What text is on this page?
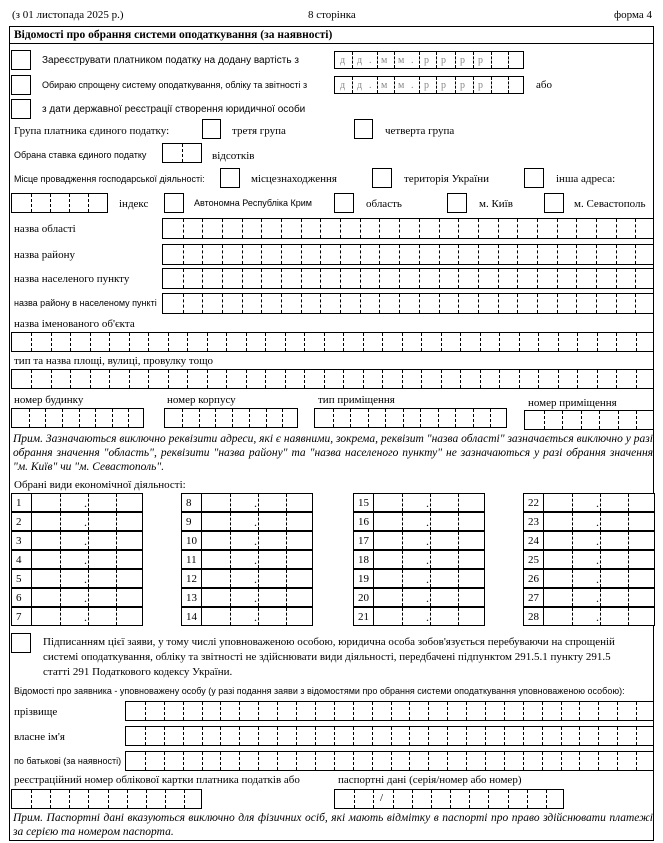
(з 01 листопада 2025 р.)	8 сторінка	форма 4
Відомості про обрання системи оподаткування (за наявності)
Зареєструвати платником податку на додану вартість з	д д . м м . р р р р
Обираю спрощену систему оподаткування, обліку та звітності з	д д . м м . р р р р	або
з дати державної реєстрації створення юридичної особи
Група платника єдиного податку:	третя група	четверта група
Обрана ставка єдиного податку	відсотків
Місце провадження господарської діяльності:	місцезнаходження	територія України	інша адреса:
індекс	Автономна Республіка Крим	область	м. Київ	м. Севастополь
назва області
назва району
назва населеного пункту
назва району в населеному пункті
назва іменованого об'єкта
тип та назва площі, вулиці, провулку тощо
номер будинку	номер корпусу	тип приміщення	номер приміщення
Прим. Зазначаються виключно реквізити адреси, які є наявними, зокрема, реквізит "назва області" зазначається виключно у разі обрання значення "область", реквізити "назва району" та "назва населеного пункту" не зазначаються у разі обрання значення "м. Київ" чи "м. Севастополь".
Обрані види економічної діяльності:
1	.
2	.
3	.
4	.
5	.
6	.
7	.
8	.
9	.
10	.
11	.
12	.
13	.
14	.
15	.
16	.
17	.
18	.
19	.
20	.
21	.
22	.
23	.
24	.
25	.
26	.
27	.
28	.
Підписанням цієї заяви, у тому числі уповноваженою особою, юридична особа зобов'язується перебуваючи на спрощеній
системі оподаткування, обліку та звітності не здійснювати види діяльності, передбачені підпунктом 291.5.1 пункту 291.5
статті 291 Податкового кодексу України.
Відомості про заявника - уповноважену особу (у разі подання заяви з відомостями про обрання системи оподаткування уповноваженою особою):
прізвище
власне ім'я
по батькові (за наявності)
реєстраційний номер облікової картки платника податків або	паспортні дані (серія/номер або номер)
/
Прим. Паспортні дані вказуються виключно для фізичних осіб, які мають відмітку в паспорті про право здійснювати платежі за серією та номером паспорта.
